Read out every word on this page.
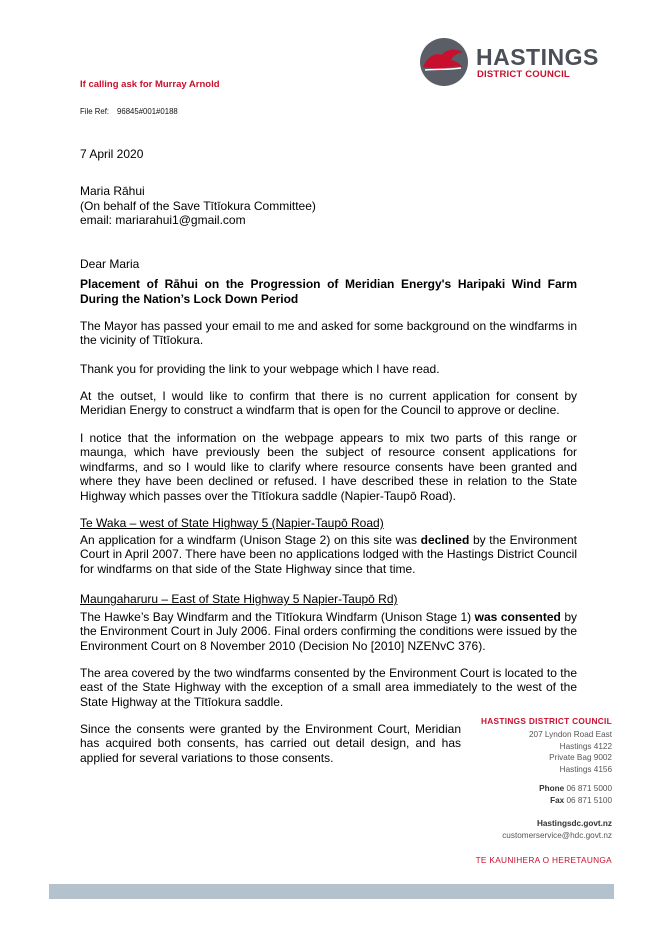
HASTINGS
DISTRICT COUNCIL
If calling ask for Murray Arnold
File Ref: 96845#001#0188
7 April 2020
Maria Rāhui
(On behalf of the Save Tītīokura Committee)
email: mariarahui1@gmail.com
Dear Maria
Placement of Rāhui on the Progression of Meridian Energy's Haripaki Wind Farm During the Nation’s Lock Down Period
The Mayor has passed your email to me and asked for some background on the windfarms in the vicinity of Tītīokura.
Thank you for providing the link to your webpage which I have read.
At the outset, I would like to confirm that there is no current application for consent by Meridian Energy to construct a windfarm that is open for the Council to approve or decline.
I notice that the information on the webpage appears to mix two parts of this range or maunga, which have previously been the subject of resource consent applications for windfarms, and so I would like to clarify where resource consents have been granted and where they have been declined or refused. I have described these in relation to the State Highway which passes over the Tītīokura saddle (Napier-Taupō Road).
Te Waka – west of State Highway 5 (Napier-Taupō Road)
An application for a windfarm (Unison Stage 2) on this site was declined by the Environment Court in April 2007. There have been no applications lodged with the Hastings District Council for windfarms on that side of the State Highway since that time.
Maungaharuru – East of State Highway 5 Napier-Taupō Rd)
The Hawke’s Bay Windfarm and the Tītīokura Windfarm (Unison Stage 1) was consented by the Environment Court in July 2006. Final orders confirming the conditions were issued by the Environment Court on 8 November 2010 (Decision No [2010] NZENvC 376).
The area covered by the two windfarms consented by the Environment Court is located to the east of the State Highway with the exception of a small area immediately to the west of the State Highway at the Tītīokura saddle.
Since the consents were granted by the Environment Court, Meridian has acquired both consents, has carried out detail design, and has applied for several variations to those consents.
HASTINGS DISTRICT COUNCIL
207 Lyndon Road East
Hastings 4122
Private Bag 9002
Hastings 4156
Phone 06 871 5000
Fax 06 871 5100
Hastingsdc.govt.nz
customerservice@hdc.govt.nz
TE KAUNIHERA O HERETAUNGA
